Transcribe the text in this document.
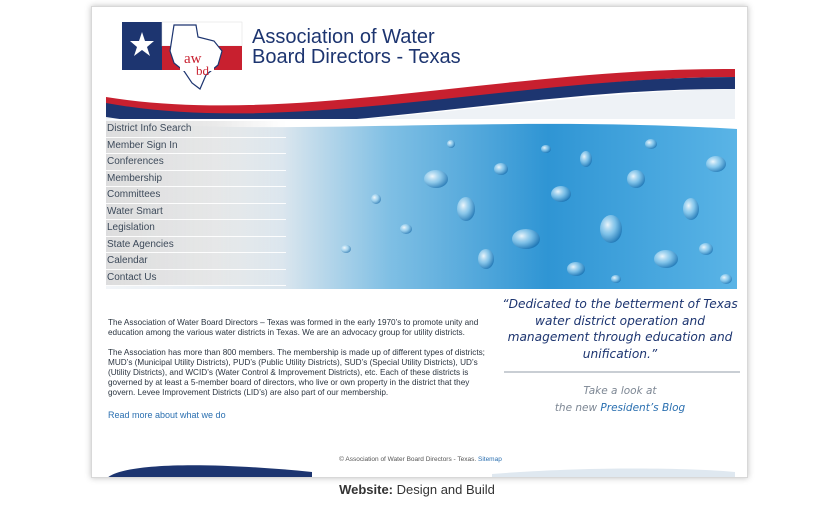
aw
bd
Association of Water
Board Directors - Texas
District Info Search
Member Sign In
Conferences
Membership
Committees
Water Smart
Legislation
State Agencies
Calendar
Contact Us

The Association of Water Board Directors – Texas was formed in the early 1970’s to promote unity and education among the various water districts in Texas. We are an advocacy group for utility districts.

The Association has more than 800 members. The membership is made up of different types of districts; MUD’s (Municipal Utility Districts), PUD’s (Public Utility Districts), SUD’s (Special Utility Districts), UD’s (Utility Districts), and WCID’s (Water Control & Improvement Districts), etc. Each of these districts is governed by at least a 5-member board of directors, who live or own property in the district that they govern. Levee Improvement Districts (LID’s) are also part of our membership.

Read more about what we do
“Dedicated to the betterment of Texas water district operation and management through education and unification.”
Take a look at
the new President’s Blog
© Association of Water Board Directors - Texas. Sitemap
Website: Design and Build
